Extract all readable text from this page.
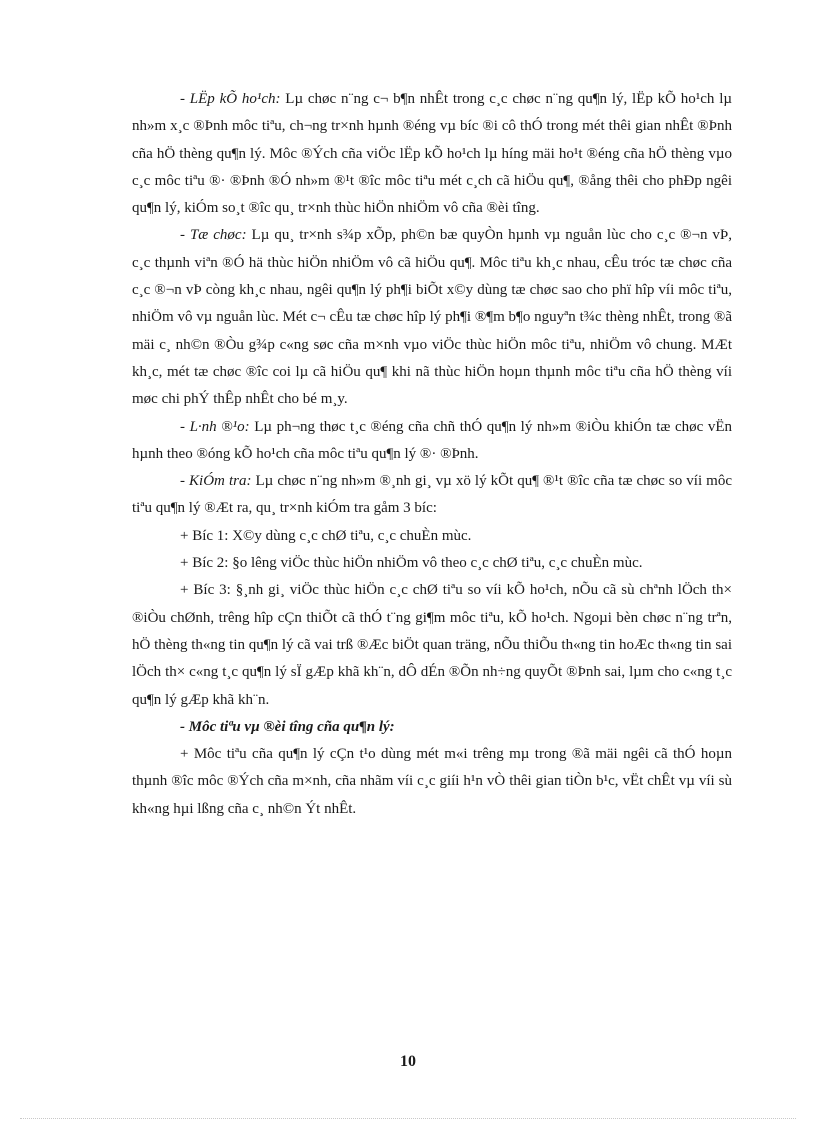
- LËp kÕ ho¹ch: Lµ chøc n¨ng c¬ b¶n nhÊt trong c¸c chøc n¨ng qu¶n lý, lËp kÕ ho¹ch lµ nh»m x¸c ®Þnh môc tiªu, ch¬ng tr×nh hµnh ®éng vµ bíc ®i cô thÓ trong mét thêi gian nhÊt ®Þnh cña hÖ thèng qu¶n lý. Môc ®Ých cña viÖc lËp kÕ ho¹ch lµ híng mäi ho¹t ®éng cña hÖ thèng vµo c¸c môc tiªu ®· ®Þnh ®Ó nh»m ®¹t ®îc môc tiªu mét c¸ch cã hiÖu qu¶, ®ång thêi cho phÐp ngêi qu¶n lý, kiÓm so¸t ®îc qu¸ tr×nh thùc hiÖn nhiÖm vô cña ®èi tîng.

- Tæ chøc: Lµ qu¸ tr×nh s¾p xÕp, ph©n bæ quyÒn hµnh vµ nguån lùc cho c¸c ®¬n vÞ, c¸c thµnh viªn ®Ó hä thùc hiÖn nhiÖm vô cã hiÖu qu¶. Môc tiªu kh¸c nhau, cÊu tróc tæ chøc cña c¸c ®¬n vÞ còng kh¸c nhau, ngêi qu¶n lý ph¶i biÕt x©y dùng tæ chøc sao cho phï hîp víi môc tiªu, nhiÖm vô vµ nguån lùc. Mét c¬ cÊu tæ chøc hîp lý ph¶i ®¶m b¶o nguyªn t¾c thèng nhÊt, trong ®ã mäi c¸ nh©n ®Òu g¾p c«ng søc cña m×nh vµo viÖc thùc hiÖn môc tiªu, nhiÖm vô chung. MÆt kh¸c, mét tæ chøc ®îc coi lµ cã hiÖu qu¶ khi nã thùc hiÖn hoµn thµnh môc tiªu cña hÖ thèng víi møc chi phÝ thÊp nhÊt cho bé m¸y.

- L·nh ®¹o: Lµ ph¬ng thøc t¸c ®éng cña chñ thÓ qu¶n lý nh»m ®iÒu khiÓn tæ chøc vËn hµnh theo ®óng kÕ ho¹ch cña môc tiªu qu¶n lý ®· ®Þnh.

- KiÓm tra: Lµ chøc n¨ng nh»m ®¸nh gi¸ vµ xö lý kÕt qu¶ ®¹t ®îc cña tæ chøc so víi môc tiªu qu¶n lý ®Æt ra, qu¸ tr×nh kiÓm tra gåm 3 bíc:

+ Bíc 1: X©y dùng c¸c chØ tiªu, c¸c chuÈn mùc.

+ Bíc 2: §o lêng viÖc thùc hiÖn nhiÖm vô theo c¸c chØ tiªu, c¸c chuÈn mùc.

+ Bíc 3: §¸nh gi¸ viÖc thùc hiÖn c¸c chØ tiªu so víi kÕ ho¹ch, nÕu cã sù chªnh lÖch th× ®iÒu chØnh, trêng hîp cÇn thiÕt cã thÓ t¨ng gi¶m môc tiªu, kÕ ho¹ch. Ngoµi bèn chøc n¨ng trªn, hÖ thèng th«ng tin qu¶n lý cã vai trß ®Æc biÖt quan träng, nÕu thiÕu th«ng tin hoÆc th«ng tin sai lÖch th× c«ng t¸c qu¶n lý sÏ gÆp khã kh¨n, dÔ dÉn ®Õn nh÷ng quyÕt ®Þnh sai, lµm cho c«ng t¸c qu¶n lý gÆp khã kh¨n.

- Môc tiªu vµ ®èi tîng cña qu¶n lý:

+ Môc tiªu cña qu¶n lý cÇn t¹o dùng mét m«i trêng mµ trong ®ã mäi ngêi cã thÓ hoµn thµnh ®îc môc ®Ých cña m×nh, cña nhãm víi c¸c giíi h¹n vÒ thêi gian tiÒn b¹c, vËt chÊt vµ víi sù kh«ng hµi lßng cña c¸ nh©n Ýt nhÊt.

10
